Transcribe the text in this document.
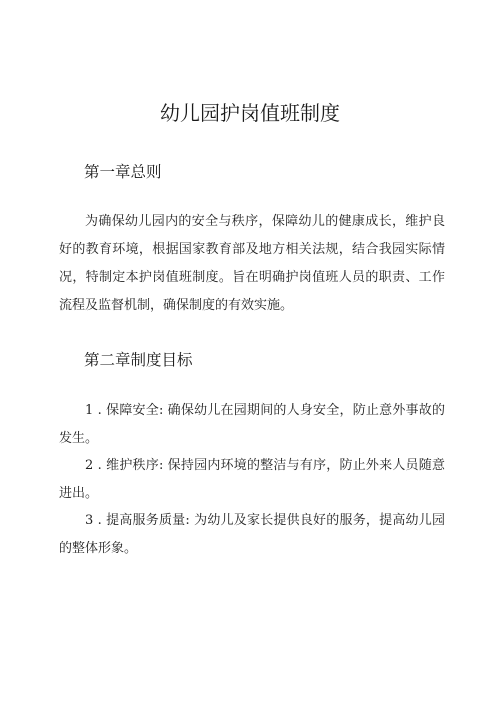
幼儿园护岗值班制度
第一章总则
为确保幼儿园内的安全与秩序，保障幼儿的健康成长，维护良好的教育环境，根据国家教育部及地方相关法规，结合我园实际情况，特制定本护岗值班制度。旨在明确护岗值班人员的职责、工作流程及监督机制，确保制度的有效实施。
第二章制度目标
1 . 保障安全: 确保幼儿在园期间的人身安全，防止意外事故的发生。
2 . 维护秩序: 保持园内环境的整洁与有序，防止外来人员随意进出。
3 . 提高服务质量: 为幼儿及家长提供良好的服务，提高幼儿园的整体形象。
